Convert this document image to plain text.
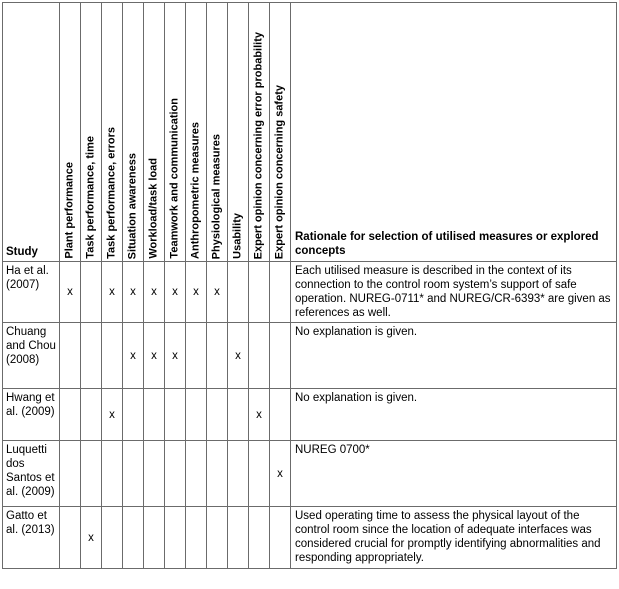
Study	Plant performance	Task performance, time	Task performance, errors	Situation awareness	Workload/task load	Teamwork and communication	Anthropometric measures	Physiological measures	Usability	Expert opinion concerning error probability	Expert opinion concerning safety	Rationale for selection of utilised measures or explored concepts
Ha et al. (2007)	x		x	x	x	x	x	x				Each utilised measure is described in the context of its connection to the control room system’s support of safe operation. NUREG-0711* and NUREG/CR-6393* are given as references as well.
Chuang and Chou (2008)				x	x	x			x			No explanation is given.
Hwang et al. (2009)			x							x		No explanation is given.
Luquetti dos Santos et al. (2009)											x	NUREG 0700*
Gatto et al. (2013)		x										Used operating time to assess the physical layout of the control room since the location of adequate interfaces was considered crucial for promptly identifying abnormalities and responding appropriately.
